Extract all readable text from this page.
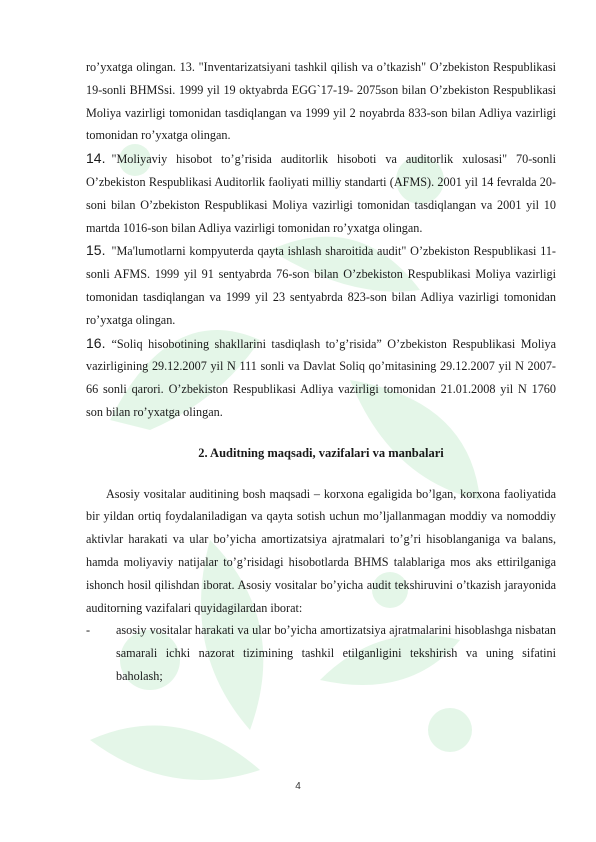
ro’yxatga olingan. 13. "Inventarizatsiyani tashkil qilish va o’tkazish" O’zbekiston Respublikasi 19-sonli BHMSsi. 1999 yil 19 oktyabrda EGG`17-19- 2075son bilan O’zbekiston Respublikasi Moliya vazirligi tomonidan tasdiqlangan va 1999 yil 2 noyabrda 833-son bilan Adliya vazirligi tomonidan ro’yxatga olingan.

14. "Moliyaviy hisobot to’g’risida auditorlik hisoboti va auditorlik xulosasi" 70-sonli O’zbekiston Respublikasi Auditorlik faoliyati milliy standarti (AFMS). 2001 yil 14 fevralda 20-soni bilan O’zbekiston Respublikasi Moliya vazirligi tomonidan tasdiqlangan va 2001 yil 10 martda 1016-son bilan Adliya vazirligi tomonidan ro’yxatga olingan.

15. "Ma'lumotlarni kompyuterda qayta ishlash sharoitida audit" O’zbekiston Respublikasi 11-sonli AFMS. 1999 yil 91 sentyabrda 76-son bilan O’zbekiston Respublikasi Moliya vazirligi tomonidan tasdiqlangan va 1999 yil 23 sentyabrda 823-son bilan Adliya vazirligi tomonidan ro’yxatga olingan.

16. “Soliq hisobotining shakllarini tasdiqlash to’g’risida” O’zbekiston Respublikasi Moliya vazirligining 29.12.2007 yil N 111 sonli va Davlat Soliq qo’mitasining 29.12.2007 yil N 2007-66 sonli qarori. O’zbekiston Respublikasi Adliya vazirligi tomonidan 21.01.2008 yil N 1760 son bilan ro’yxatga olingan.

2. Auditning maqsadi, vazifalari va manbalari

Asosiy vositalar auditining bosh maqsadi – korxona egaligida bo’lgan, korxona faoliyatida bir yildan ortiq foydalaniladigan va qayta sotish uchun mo’ljallanmagan moddiy va nomoddiy aktivlar harakati va ular bo’yicha amortizatsiya ajratmalari to’g’ri hisoblanganiga va balans, hamda moliyaviy natijalar to’g’risidagi hisobotlarda BHMS talablariga mos aks ettirilganiga ishonch hosil qilishdan iborat. Asosiy vositalar bo’yicha audit tekshiruvini o’tkazish jarayonida auditorning vazifalari quyidagilardan iborat:

-	asosiy vositalar harakati va ular bo’yicha amortizatsiya ajratmalarini hisoblashga nisbatan samarali ichki nazorat tizimining tashkil etilganligini tekshirish va uning sifatini baholash;

4
